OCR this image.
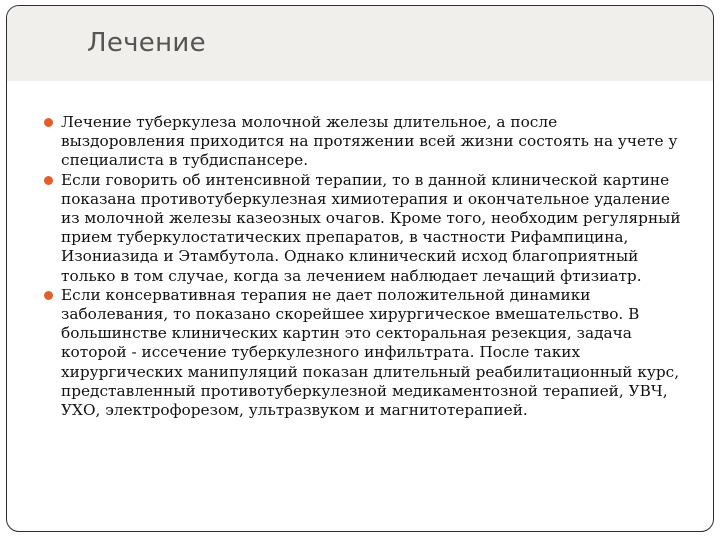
Лечение
Лечение туберкулеза молочной железы длительное, а после выздоровления приходится на протяжении всей жизни состоять на учете у специалиста в тубдиспансере.
Если говорить об интенсивной терапии, то в данной клинической картине показана противотуберкулезная химиотерапия и окончательное удаление из молочной железы казеозных очагов. Кроме того, необходим регулярный прием туберкулостатических препаратов, в частности Рифампицина, Изониазида и Этамбутола. Однако клинический исход благоприятный только в том случае, когда за лечением наблюдает лечащий фтизиатр.
Если консервативная терапия не дает положительной динамики заболевания, то показано скорейшее хирургическое вмешательство. В большинстве клинических картин это секторальная резекция, задача которой - иссечение туберкулезного инфильтрата. После таких хирургических манипуляций показан длительный реабилитационный курс, представленный противотуберкулезной медикаментозной терапией, УВЧ, УХО, электрофорезом, ультразвуком и магнитотерапией.
